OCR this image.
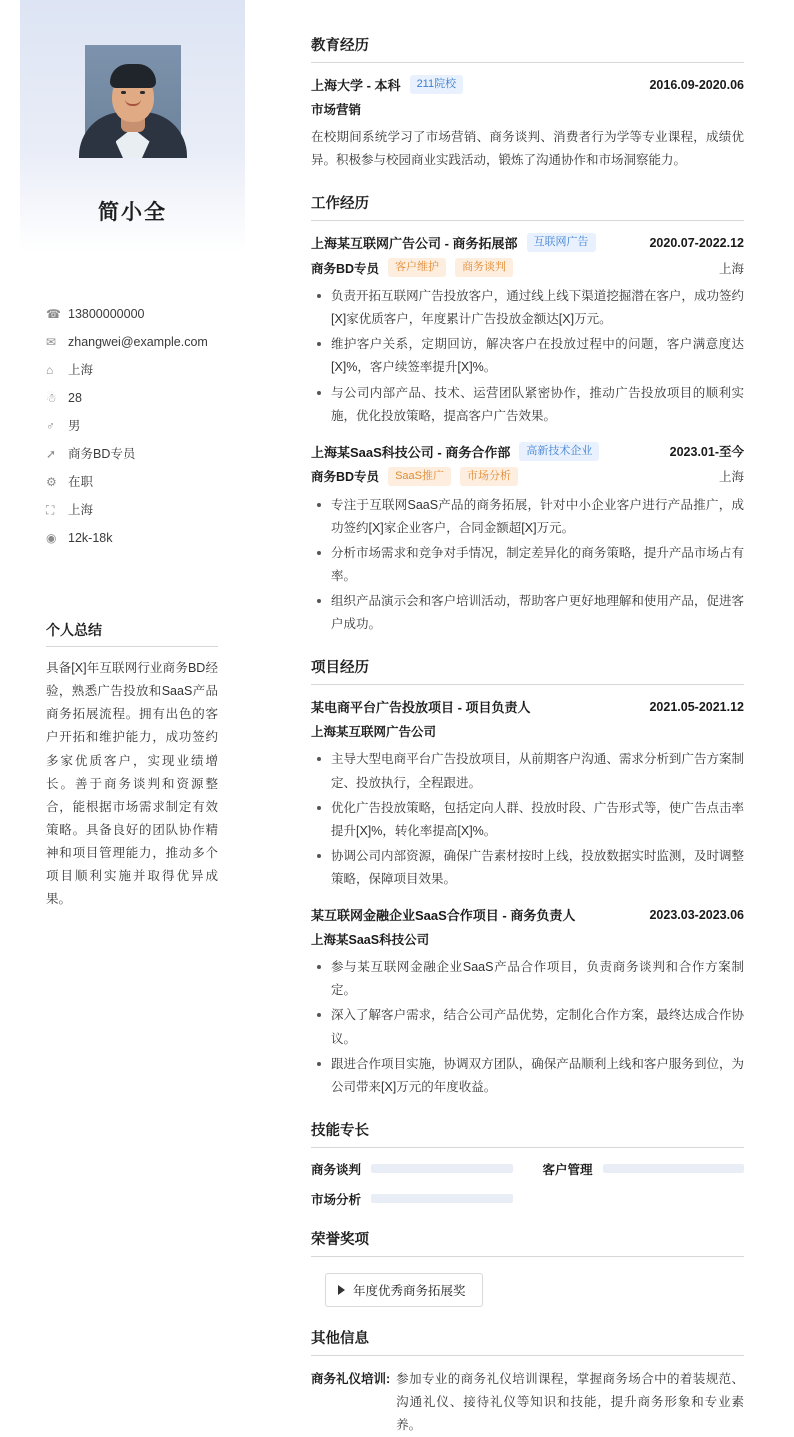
简小全
☎ 13800000000
✉ zhangwei@example.com
⌂	上海
☃ 28
♂	男
➚ 商务BD专员
⚙ 在职
⛶	上海
◉ 12k-18k
个人总结
具备[X]年互联网行业商务BD经验，熟悉广告投放和SaaS产品商务拓展流程。拥有出色的客户开拓和维护能力，成功签约多家优质客户，实现业绩增长。善于商务谈判和资源整合，能根据市场需求制定有效策略。具备良好的团队协作精神和项目管理能力，推动多个项目顺利实施并取得优异成果。
教育经历
上海大学 - 本科	211院校	2016.09-2020.06
市场营销
在校期间系统学习了市场营销、商务谈判、消费者行为学等专业课程，成绩优异。积极参与校园商业实践活动，锻炼了沟通协作和市场洞察能力。
工作经历
上海某互联网广告公司 - 商务拓展部	互联网广告	2020.07-2022.12
商务BD专员	客户维护	商务谈判	上海
负责开拓互联网广告投放客户，通过线上线下渠道挖掘潜在客户，成功签约[X]家优质客户，年度累计广告投放金额达[X]万元。
维护客户关系，定期回访，解决客户在投放过程中的问题，客户满意度达[X]%，客户续签率提升[X]%。
与公司内部产品、技术、运营团队紧密协作，推动广告投放项目的顺利实施，优化投放策略，提高客户广告效果。
上海某SaaS科技公司 - 商务合作部	高新技术企业	2023.01-至今
商务BD专员	SaaS推广	市场分析	上海
专注于互联网SaaS产品的商务拓展，针对中小企业客户进行产品推广，成功签约[X]家企业客户，合同金额超[X]万元。
分析市场需求和竞争对手情况，制定差异化的商务策略，提升产品市场占有率。
组织产品演示会和客户培训活动，帮助客户更好地理解和使用产品，促进客户成功。
项目经历
某电商平台广告投放项目 - 项目负责人	2021.05-2021.12
上海某互联网广告公司
主导大型电商平台广告投放项目，从前期客户沟通、需求分析到广告方案制定、投放执行，全程跟进。
优化广告投放策略，包括定向人群、投放时段、广告形式等，使广告点击率提升[X]%，转化率提高[X]%。
协调公司内部资源，确保广告素材按时上线，投放数据实时监测，及时调整策略，保障项目效果。
某互联网金融企业SaaS合作项目 - 商务负责人	2023.03-2023.06
上海某SaaS科技公司
参与某互联网金融企业SaaS产品合作项目，负责商务谈判和合作方案制定。
深入了解客户需求，结合公司产品优势，定制化合作方案，最终达成合作协议。
跟进合作项目实施，协调双方团队，确保产品顺利上线和客户服务到位，为公司带来[X]万元的年度收益。
技能专长
商务谈判	客户管理
市场分析
荣誉奖项
年度优秀商务拓展奖
其他信息
商务礼仪培训: 参加专业的商务礼仪培训课程，掌握商务场合中的着装规范、沟通礼仪、接待礼仪等知识和技能，提升商务形象和专业素养。
